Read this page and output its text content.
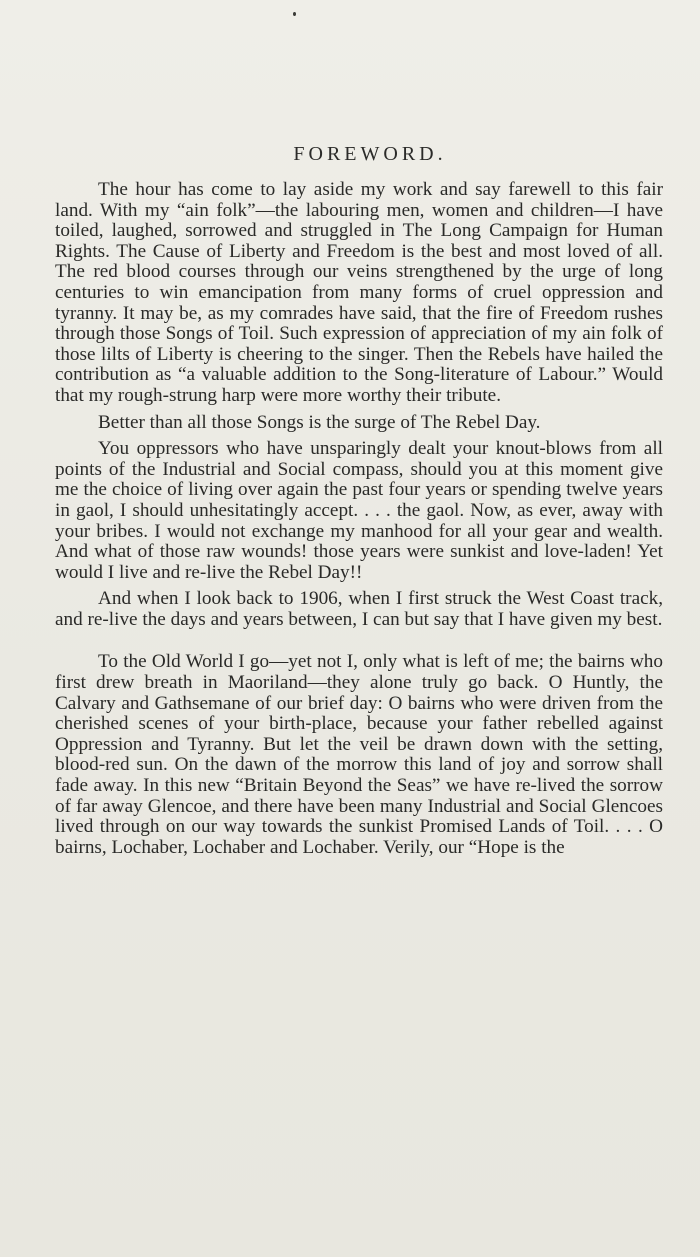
FOREWORD.

The hour has come to lay aside my work and say farewell to this fair land. With my “ain folk”—the labouring men, women and children—I have toiled, laughed, sorrowed and struggled in The Long Campaign for Human Rights. The Cause of Liberty and Freedom is the best and most loved of all. The red blood courses through our veins strengthened by the urge of long centuries to win emancipation from many forms of cruel oppression and tyranny. It may be, as my comrades have said, that the fire of Freedom rushes through those Songs of Toil. Such expression of appreciation of my ain folk of those lilts of Liberty is cheering to the singer. Then the Rebels have hailed the contribution as “a valuable addition to the Song-literature of Labour.” Would that my rough-strung harp were more worthy their tribute.

Better than all those Songs is the surge of The Rebel Day.

You oppressors who have unsparingly dealt your knout-blows from all points of the Industrial and Social compass, should you at this moment give me the choice of living over again the past four years or spending twelve years in gaol, I should unhesitatingly accept. . . . the gaol. Now, as ever, away with your bribes. I would not exchange my manhood for all your gear and wealth. And what of those raw wounds! those years were sunkist and love-laden! Yet would I live and re-live the Rebel Day!!

And when I look back to 1906, when I first struck the West Coast track, and re-live the days and years between, I can but say that I have given my best.

To the Old World I go—yet not I, only what is left of me; the bairns who first drew breath in Maoriland—they alone truly go back. O Huntly, the Calvary and Gathsemane of our brief day: O bairns who were driven from the cherished scenes of your birth-place, because your father rebelled against Oppression and Tyranny. But let the veil be drawn down with the setting, blood-red sun. On the dawn of the morrow this land of joy and sorrow shall fade away. In this new “Britain Beyond the Seas” we have re-lived the sorrow of far away Glencoe, and there have been many Industrial and Social Glencoes lived through on our way towards the sunkist Promised Lands of Toil. . . . O bairns, Lochaber, Lochaber and Lochaber. Verily, our “Hope is the
